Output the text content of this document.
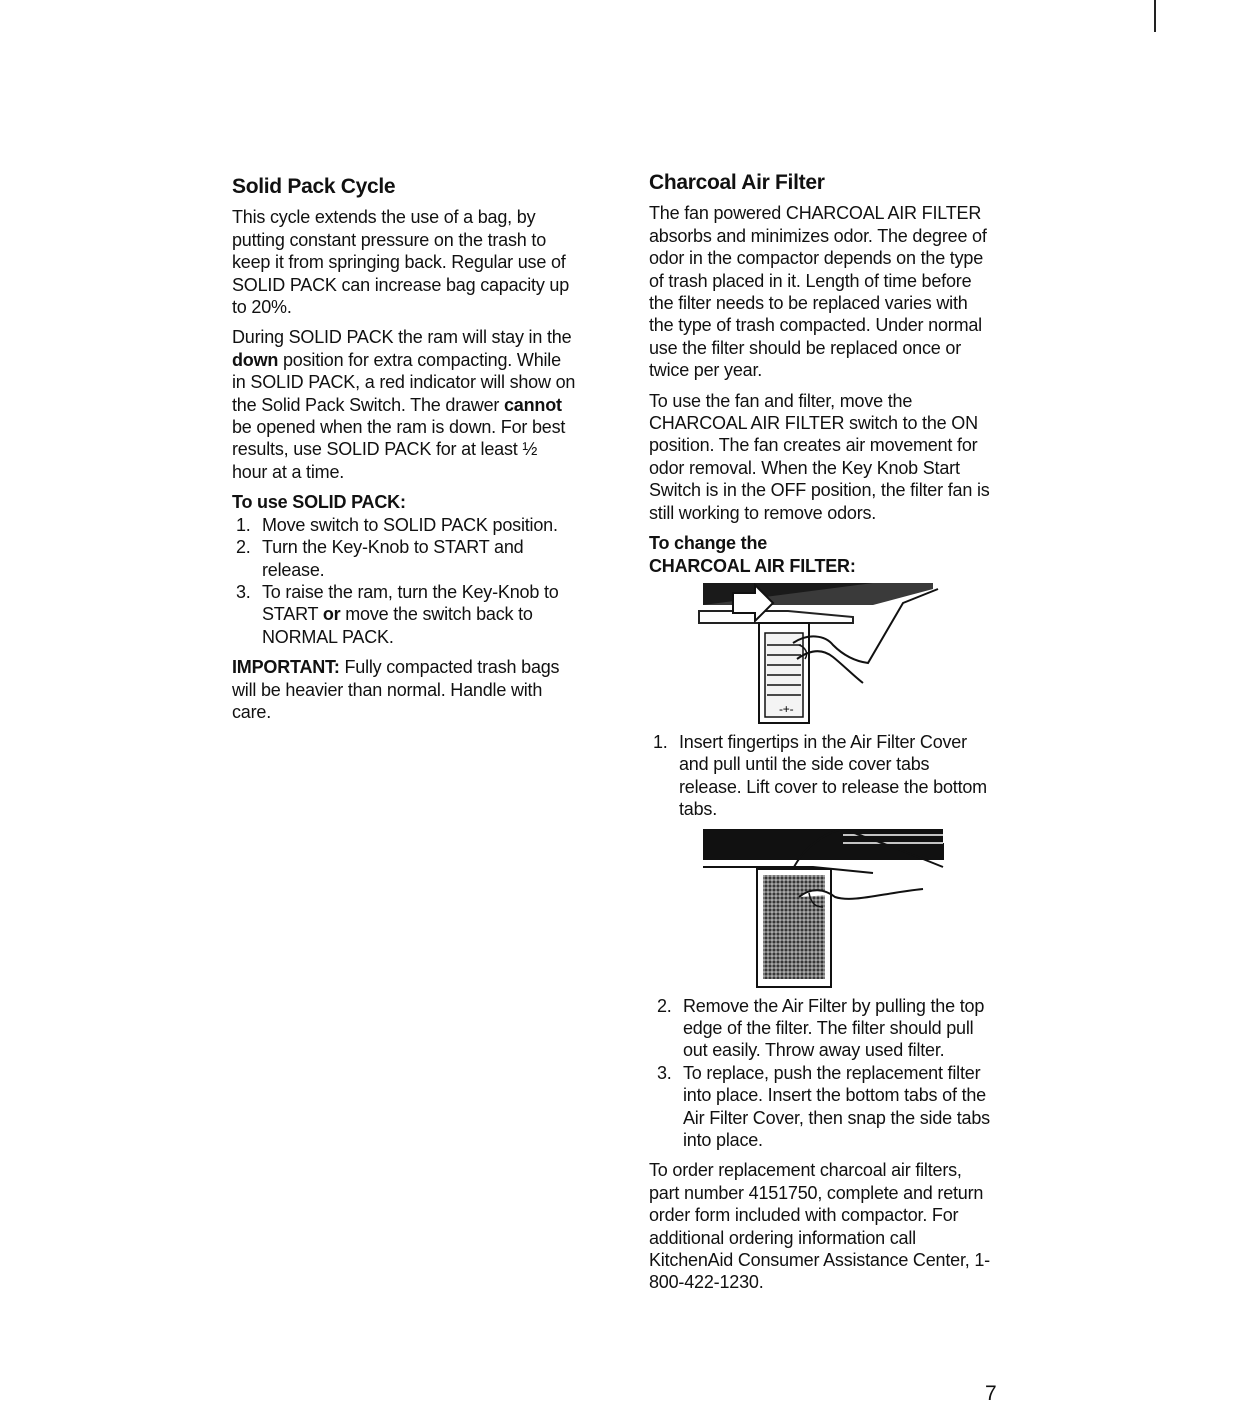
Solid Pack Cycle

This cycle extends the use of a bag, by putting constant pressure on the trash to keep it from springing back. Regular use of SOLID PACK can increase bag capacity up to 20%.

During SOLID PACK the ram will stay in the down position for extra compacting. While in SOLID PACK, a red indicator will show on the Solid Pack Switch. The drawer cannot be opened when the ram is down. For best results, use SOLID PACK for at least ½ hour at a time.

To use SOLID PACK:

1. Move switch to SOLID PACK position.
2. Turn the Key-Knob to START and release.
3. To raise the ram, turn the Key-Knob to START or move the switch back to NORMAL PACK.

IMPORTANT: Fully compacted trash bags will be heavier than normal. Handle with care.

Charcoal Air Filter

The fan powered CHARCOAL AIR FILTER absorbs and minimizes odor. The degree of odor in the compactor depends on the type of trash placed in it. Length of time before the filter needs to be replaced varies with the type of trash compacted. Under normal use the filter should be replaced once or twice per year.

To use the fan and filter, move the CHARCOAL AIR FILTER switch to the ON position. The fan creates air movement for odor removal. When the Key Knob Start Switch is in the OFF position, the filter fan is still working to remove odors.

To change the
CHARCOAL AIR FILTER:

-+-
1. Insert fingertips in the Air Filter Cover and pull until the side cover tabs release. Lift cover to release the bottom tabs.
2. Remove the Air Filter by pulling the top edge of the filter. The filter should pull out easily. Throw away used filter.
3. To replace, push the replacement filter into place. Insert the bottom tabs of the Air Filter Cover, then snap the side tabs into place.

To order replacement charcoal air filters, part number 4151750, complete and return order form included with compactor. For additional ordering information call KitchenAid Consumer Assistance Center, 1-800-422-1230.

7
